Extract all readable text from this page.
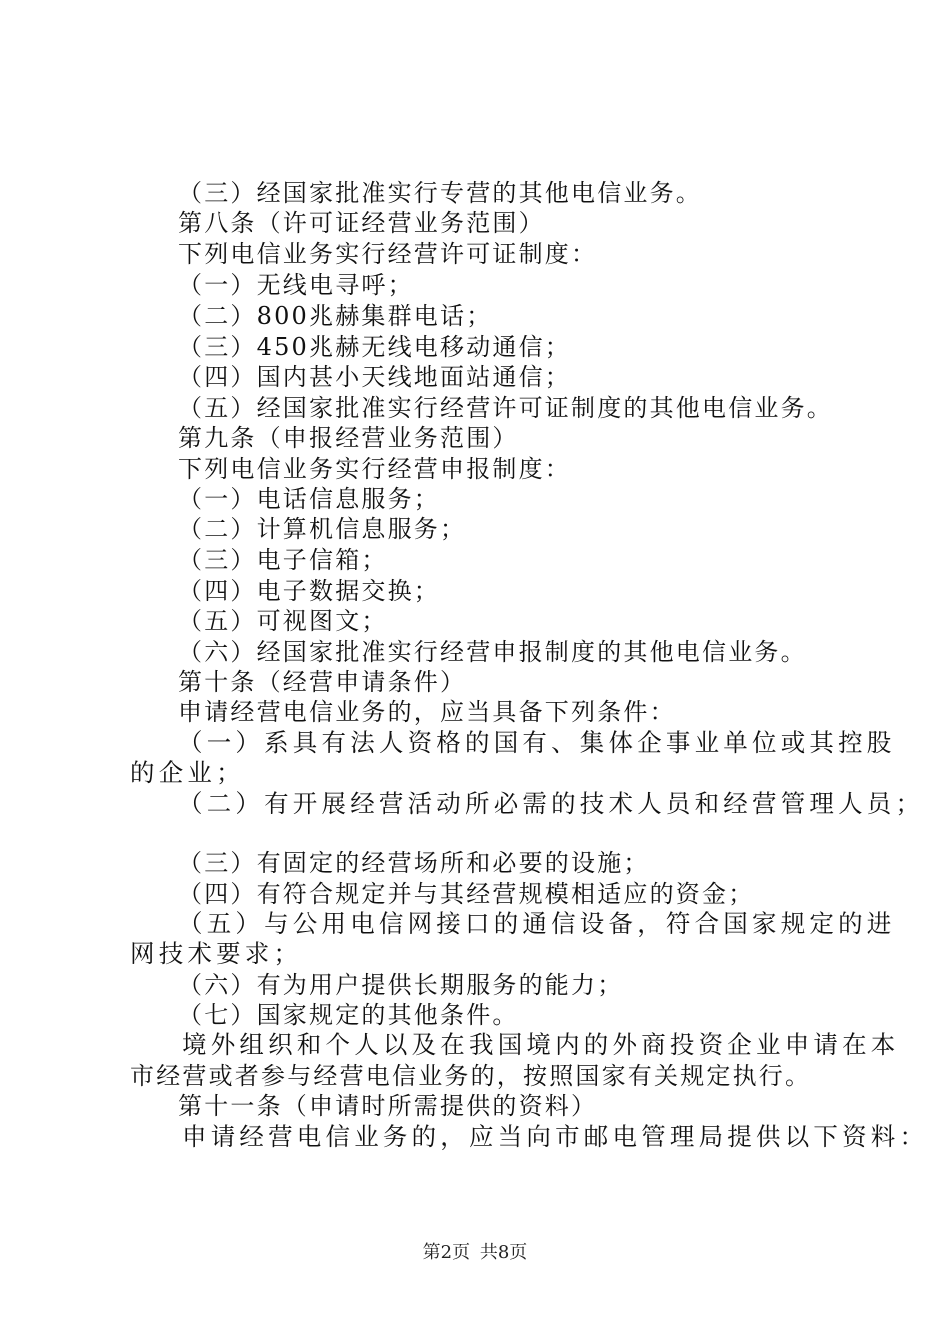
（三）经国家批准实行专营的其他电信业务。
第八条（许可证经营业务范围）
下列电信业务实行经营许可证制度：
（一）无线电寻呼；
（二）800兆赫集群电话；
（三）450兆赫无线电移动通信；
（四）国内甚小天线地面站通信；
（五）经国家批准实行经营许可证制度的其他电信业务。
第九条（申报经营业务范围）
下列电信业务实行经营申报制度：
（一）电话信息服务；
（二）计算机信息服务；
（三）电子信箱；
（四）电子数据交换；
（五）可视图文；
（六）经国家批准实行经营申报制度的其他电信业务。
第十条（经营申请条件）
申请经营电信业务的，应当具备下列条件：
（一）系具有法人资格的国有、集体企事业单位或其控股
的企业；
（二）有开展经营活动所必需的技术人员和经营管理人员；
（三）有固定的经营场所和必要的设施；
（四）有符合规定并与其经营规模相适应的资金；
（五）与公用电信网接口的通信设备，符合国家规定的进
网技术要求；
（六）有为用户提供长期服务的能力；
（七）国家规定的其他条件。
境外组织和个人以及在我国境内的外商投资企业申请在本
市经营或者参与经营电信业务的，按照国家有关规定执行。
第十一条（申请时所需提供的资料）
申请经营电信业务的，应当向市邮电管理局提供以下资料：
第2页 共8页
